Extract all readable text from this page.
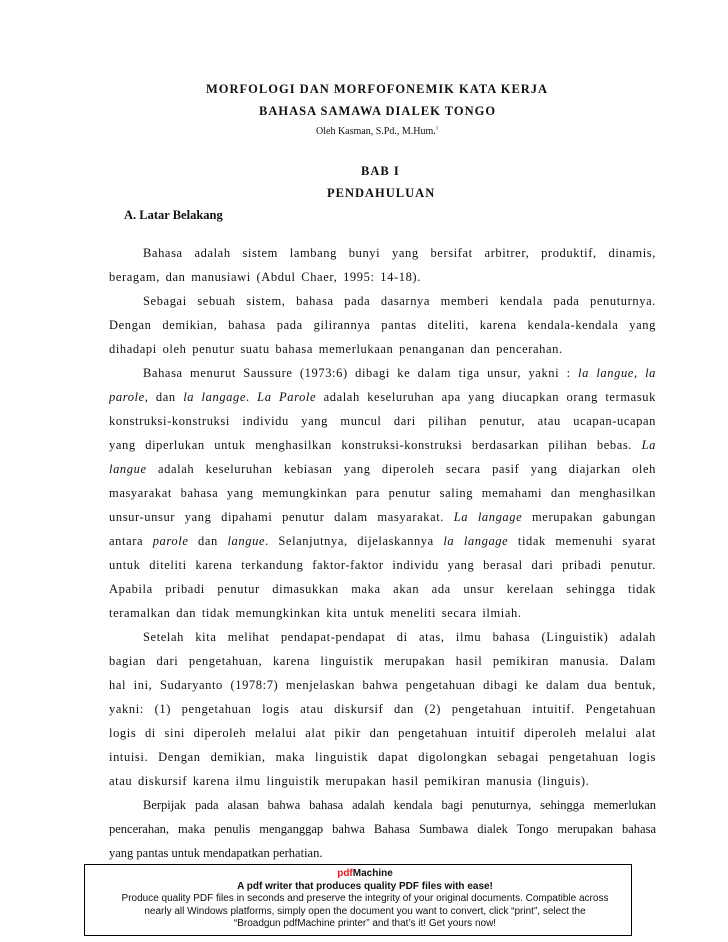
MORFOLOGI DAN MORFOFONEMIK KATA KERJA
BAHASA SAMAWA DIALEK TONGO
Oleh Kasman, S.Pd., M.Hum.$^1$
BAB I
PENDAHULUAN
A. Latar Belakang
Bahasa adalah sistem lambang bunyi yang bersifat arbitrer, produktif, dinamis,
beragam, dan manusiawi (Abdul Chaer, 1995: 14-18).
Sebagai sebuah sistem, bahasa pada dasarnya memberi kendala pada penuturnya.
Dengan demikian, bahasa pada gilirannya pantas diteliti, karena kendala-kendala yang
dihadapi oleh penutur suatu bahasa memerlukaan penanganan dan pencerahan.
Bahasa menurut Saussure (1973:6) dibagi ke dalam tiga unsur, yakni : la langue, la
parole, dan la langage. La Parole adalah keseluruhan apa yang diucapkan orang termasuk
konstruksi-konstruksi individu yang muncul dari pilihan penutur, atau ucapan-ucapan
yang diperlukan untuk menghasilkan konstruksi-konstruksi berdasarkan pilihan bebas. La
langue adalah keseluruhan kebiasan yang diperoleh secara pasif yang diajarkan oleh
masyarakat bahasa yang memungkinkan para penutur saling memahami dan menghasilkan
unsur-unsur yang dipahami penutur dalam masyarakat. La langage merupakan gabungan
antara parole dan langue. Selanjutnya, dijelaskannya la langage tidak memenuhi syarat
untuk diteliti karena terkandung faktor-faktor individu yang berasal dari pribadi penutur.
Apabila pribadi penutur dimasukkan maka akan ada unsur kerelaan sehingga tidak
teramalkan dan tidak memungkinkan kita untuk meneliti secara ilmiah.
Setelah kita melihat pendapat-pendapat di atas, ilmu bahasa (Linguistik) adalah
bagian dari pengetahuan, karena linguistik merupakan hasil pemikiran manusia. Dalam
hal ini, Sudaryanto (1978:7) menjelaskan bahwa pengetahuan dibagi ke dalam dua bentuk,
yakni: (1) pengetahuan logis atau diskursif dan (2) pengetahuan intuitif. Pengetahuan
logis di sini diperoleh melalui alat pikir dan pengetahuan intuitif diperoleh melalui alat
intuisi. Dengan demikian, maka linguistik dapat digolongkan sebagai pengetahuan logis
atau diskursif karena ilmu linguistik merupakan hasil pemikiran manusia (linguis).
Berpijak pada alasan bahwa bahasa adalah kendala bagi penuturnya, sehingga memerlukan
pencerahan, maka penulis menganggap bahwa Bahasa Sumbawa dialek Tongo merupakan bahasa
yang pantas untuk mendapatkan perhatian.
pdfMachine
A pdf writer that produces quality PDF files with ease!
Produce quality PDF files in seconds and preserve the integrity of your original documents. Compatible across
nearly all Windows platforms, simply open the document you want to convert, click “print”, select the
“Broadgun pdfMachine printer” and that’s it! Get yours now!
